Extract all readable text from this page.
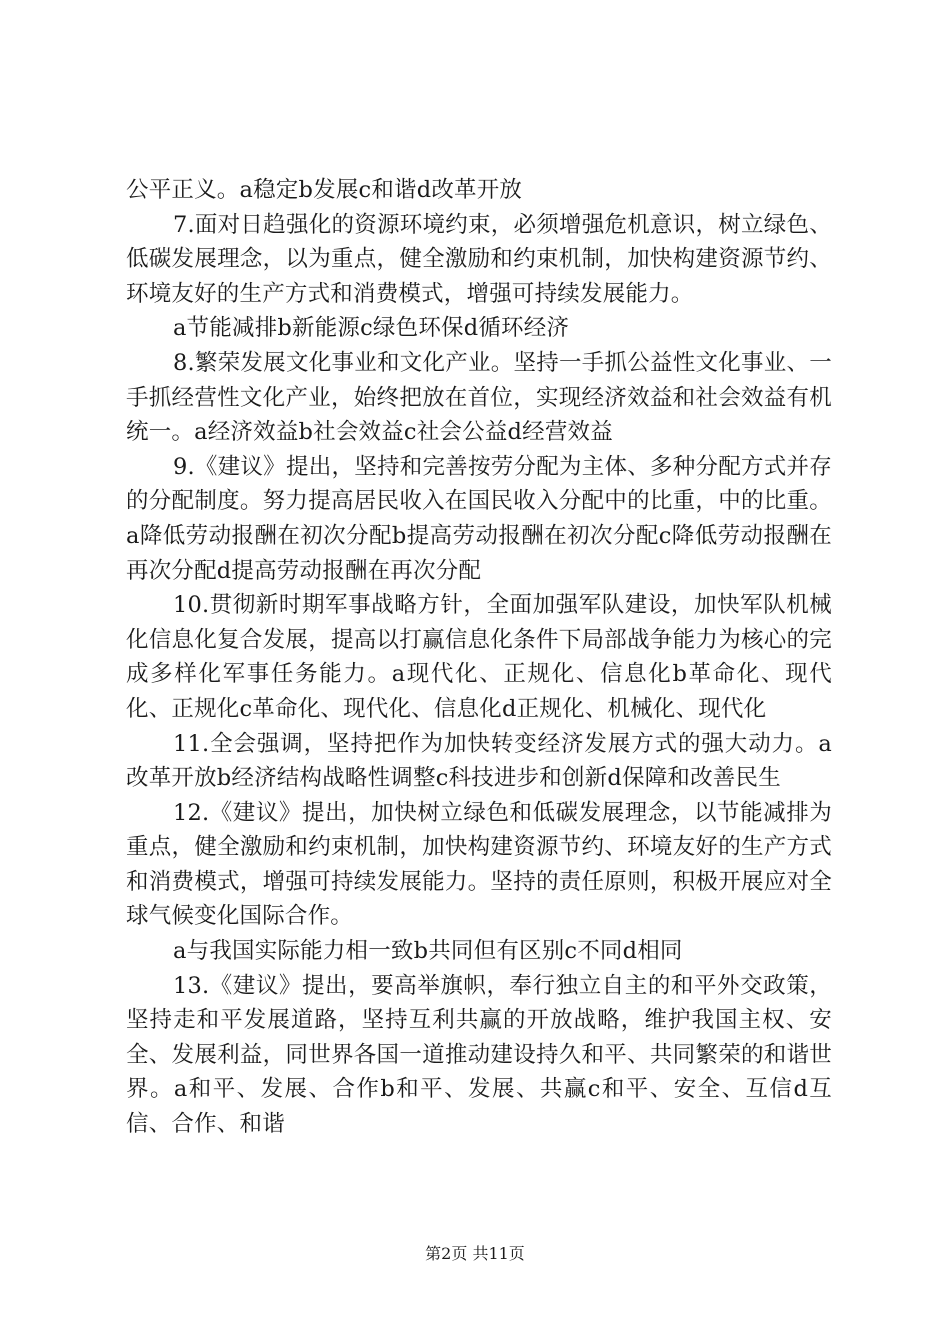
公平正义。a稳定b发展c和谐d改革开放

7.面对日趋强化的资源环境约束，必须增强危机意识，树立绿色、低碳发展理念，以为重点，健全激励和约束机制，加快构建资源节约、环境友好的生产方式和消费模式，增强可持续发展能力。

a节能减排b新能源c绿色环保d循环经济

8.繁荣发展文化事业和文化产业。坚持一手抓公益性文化事业、一手抓经营性文化产业，始终把放在首位，实现经济效益和社会效益有机统一。a经济效益b社会效益c社会公益d经营效益

9.《建议》提出，坚持和完善按劳分配为主体、多种分配方式并存的分配制度。努力提高居民收入在国民收入分配中的比重，中的比重。a降低劳动报酬在初次分配b提高劳动报酬在初次分配c降低劳动报酬在再次分配d提高劳动报酬在再次分配

10.贯彻新时期军事战略方针，全面加强军队建设，加快军队机械化信息化复合发展，提高以打赢信息化条件下局部战争能力为核心的完成多样化军事任务能力。a现代化、正规化、信息化b革命化、现代化、正规化c革命化、现代化、信息化d正规化、机械化、现代化

11.全会强调，坚持把作为加快转变经济发展方式的强大动力。a改革开放b经济结构战略性调整c科技进步和创新d保障和改善民生

12.《建议》提出，加快树立绿色和低碳发展理念，以节能减排为重点，健全激励和约束机制，加快构建资源节约、环境友好的生产方式和消费模式，增强可持续发展能力。坚持的责任原则，积极开展应对全球气候变化国际合作。

a与我国实际能力相一致b共同但有区别c不同d相同

13.《建议》提出，要高举旗帜，奉行独立自主的和平外交政策，坚持走和平发展道路，坚持互利共赢的开放战略，维护我国主权、安全、发展利益，同世界各国一道推动建设持久和平、共同繁荣的和谐世界。a和平、发展、合作b和平、发展、共赢c和平、安全、互信d互信、合作、和谐

第2页 共11页
